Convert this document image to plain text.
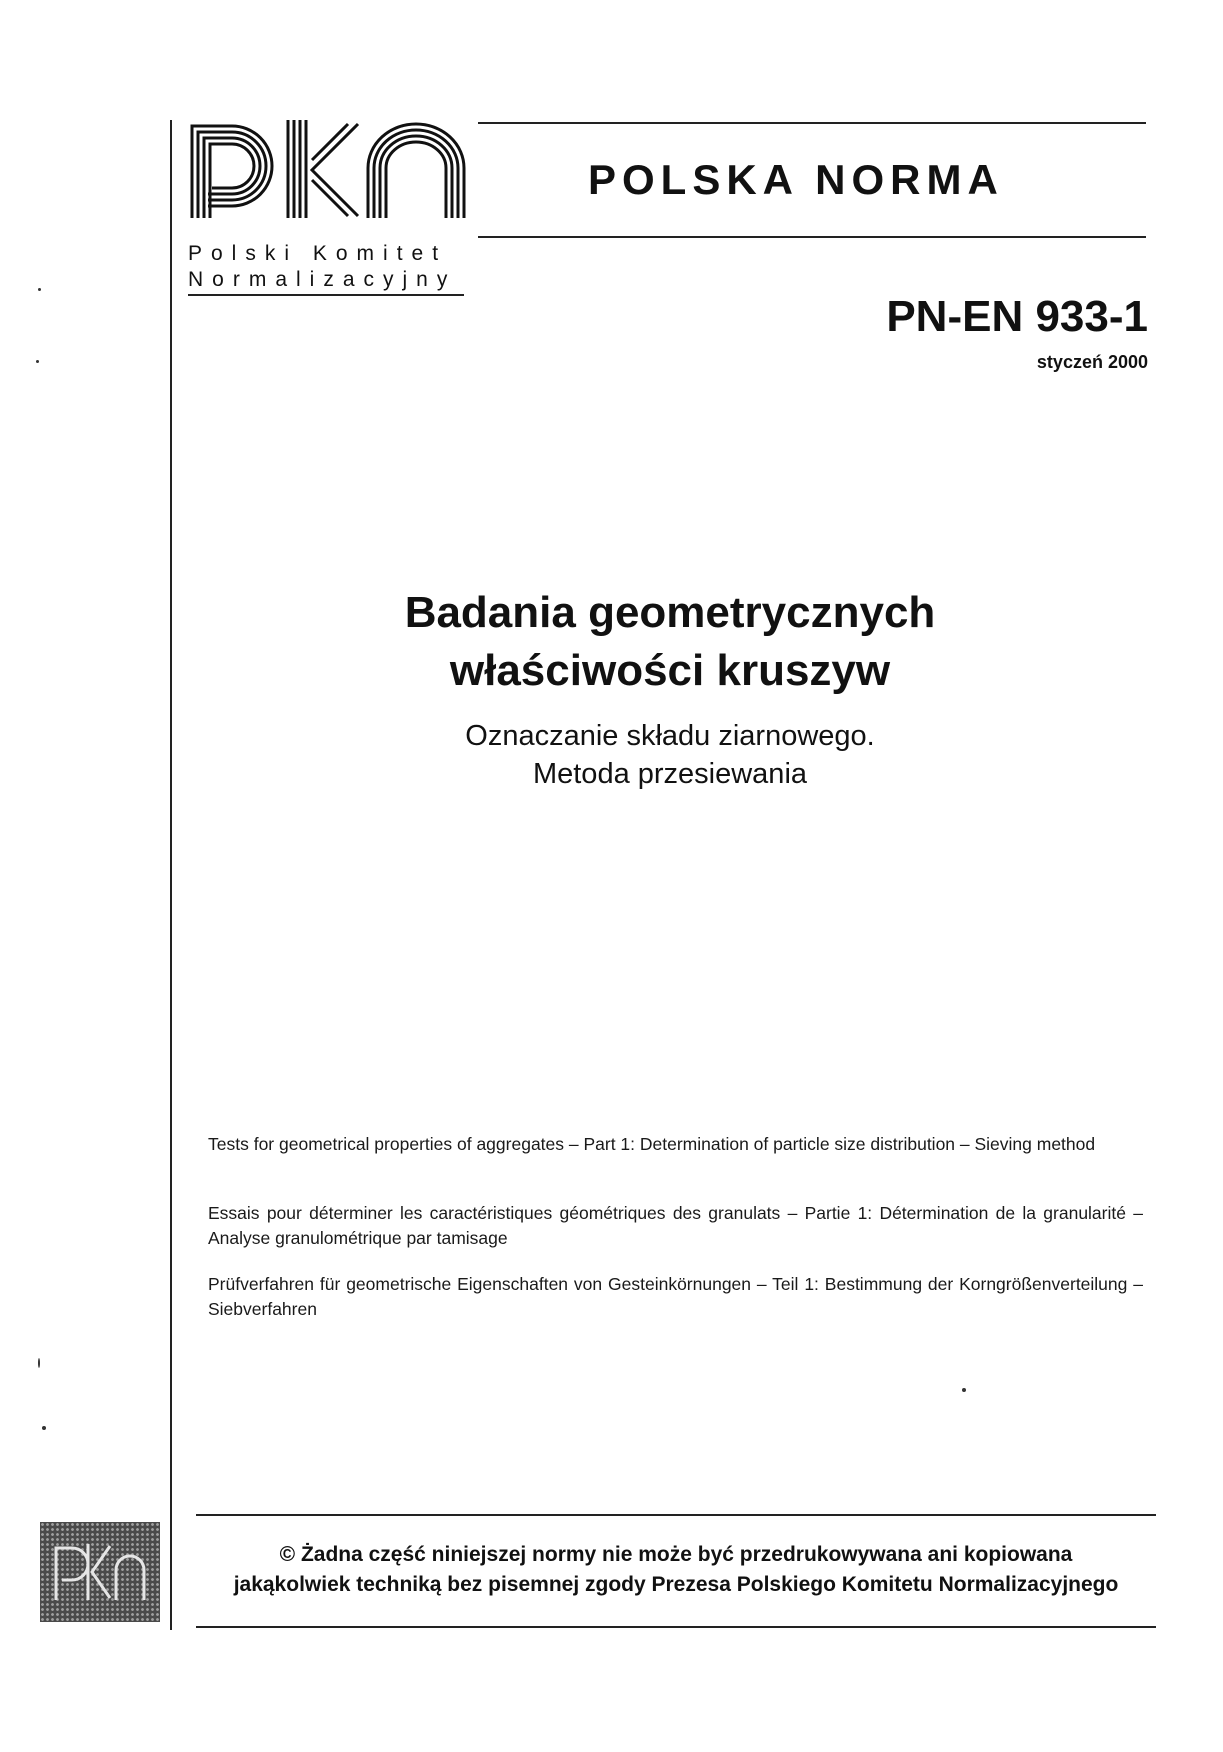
Polski Komitet
Normalizacyjny
POLSKA NORMA
PN-EN 933-1
styczeń 2000
Badania geometrycznych
właściwości kruszyw
Oznaczanie składu ziarnowego.
Metoda przesiewania
Tests for geometrical properties of aggregates – Part 1: Determination of particle size distribution – Sieving method
Essais pour déterminer les caractéristiques géométriques des granulats – Partie 1: Détermination de la granularité – Analyse granulométrique par tamisage
Prüfverfahren für geometrische Eigenschaften von Gesteinkörnungen – Teil 1: Bestimmung der Korngrößenverteilung – Siebverfahren
© Żadna część niniejszej normy nie może być przedrukowywana ani kopiowana
jakąkolwiek techniką bez pisemnej zgody Prezesa Polskiego Komitetu Normalizacyjnego
